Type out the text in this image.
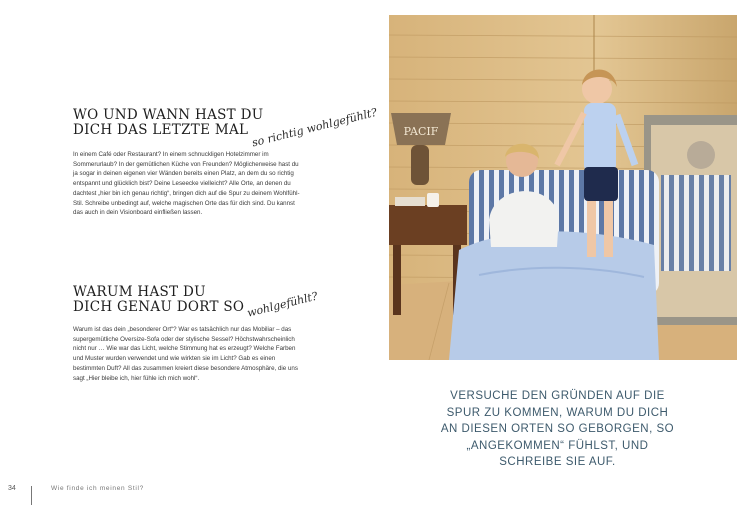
WO UND WANN HAST DU
DICH DAS LETZTE MAL so richtig wohlgefühlt?

In einem Café oder Restaurant? In einem schnuckligen Hotelzimmer im Sommerurlaub? In der gemütlichen Küche von Freunden? Möglicherweise hast du ja sogar in deinen eigenen vier Wänden bereits einen Platz, an dem du so richtig entspannt und glücklich bist? Deine Leseecke vielleicht? Alle Orte, an denen du dachtest „hier bin ich genau richtig“, bringen dich auf die Spur zu deinem Wohlfühl-Stil. Schreibe unbedingt auf, welche magischen Orte das für dich sind. Du kannst das auch in dein Visionboard einfließen lassen.

WARUM HAST DU
DICH GENAU DORT SO wohlgefühlt?

Warum ist das dein „besonderer Ort“? War es tatsächlich nur das Mobiliar – das supergemütliche Oversize-Sofa oder der stylische Sessel? Höchstwahrscheinlich nicht nur … Wie war das Licht, welche Stimmung hat es erzeugt? Welche Farben und Muster wurden verwendet und wie wirkten sie im Licht? Gab es einen bestimmten Duft? All das zusammen kreiert diese besondere Atmosphäre, die uns sagt „Hier bleibe ich, hier fühle ich mich wohl“.

PACIF

VERSUCHE DEN GRÜNDEN AUF DIE SPUR ZU KOMMEN, WARUM DU DICH AN DIESEN ORTEN SO GEBORGEN, SO „ANGEKOMMEN“ FÜHLST, UND SCHREIBE SIE AUF.

34	Wie finde ich meinen Stil?
